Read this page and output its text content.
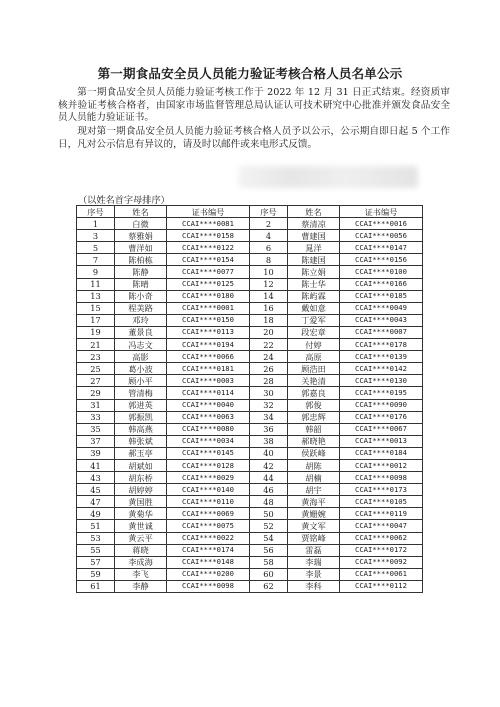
第一期食品安全员人员能力验证考核合格人员名单公示
第一期食品安全员人员能力验证考核工作于 2022 年 12 月 31 日正式结束。经资质审核并验证考核合格者，由国家市场监督管理总局认证认可技术研究中心批准并颁发食品安全员人员能力验证证书。
现对第一期食品安全员人员能力验证考核合格人员予以公示，公示期自即日起 5 个工作日，凡对公示信息有异议的，请及时以邮件或来电形式反馈。
（以姓名首字母排序）
序号	姓名	证书编号	序号	姓名	证书编号
1	白微	CCAI****0081	2	蔡清凉	CCAI****0016
3	蔡雅娟	CCAI****0158	4	曹建国	CCAI****0056
5	曹洋如	CCAI****0122	6	晁洋	CCAI****0147
7	陈柏栋	CCAI****0154	8	陈建国	CCAI****0156
9	陈静	CCAI****0077	10	陈立娟	CCAI****0100
11	陈晴	CCAI****0125	12	陈士华	CCAI****0166
13	陈小奇	CCAI****0180	14	陈屿霖	CCAI****0185
15	程美路	CCAI****0001	16	戴如意	CCAI****0049
17	邓玲	CCAI****0150	18	丁爱军	CCAI****0043
19	董景良	CCAI****0113	20	段宏章	CCAI****0007
21	冯志文	CCAI****0194	22	付婷	CCAI****0178
23	高影	CCAI****0066	24	高原	CCAI****0139
25	葛小波	CCAI****0181	26	顾浩田	CCAI****0142
27	顾小平	CCAI****0003	28	关艳清	CCAI****0130
29	管清梅	CCAI****0114	30	郭嘉良	CCAI****0195
31	郭进英	CCAI****0040	32	郭俊	CCAI****0090
33	郭振凯	CCAI****0063	34	郭忠辉	CCAI****0176
35	韩高燕	CCAI****0080	36	韩韶	CCAI****0067
37	韩张斌	CCAI****0034	38	郝晓艳	CCAI****0013
39	郝玉亭	CCAI****0145	40	侯跃峰	CCAI****0184
41	胡斌如	CCAI****0128	42	胡陈	CCAI****0012
43	胡东桥	CCAI****0029	44	胡楠	CCAI****0098
45	胡婷婷	CCAI****0140	46	胡宇	CCAI****0173
47	黄国胜	CCAI****0110	48	黄海平	CCAI****0105
49	黄菊华	CCAI****0069	50	黄姗婉	CCAI****0119
51	黄世诚	CCAI****0075	52	黄文军	CCAI****0047
53	黄云平	CCAI****0022	54	贾铭峰	CCAI****0062
55	蒋晓	CCAI****0174	56	雷磊	CCAI****0172
57	李成海	CCAI****0148	58	李瑞	CCAI****0092
59	李飞	CCAI****0200	60	李景	CCAI****0061
61	李静	CCAI****0098	62	李科	CCAI****0112
